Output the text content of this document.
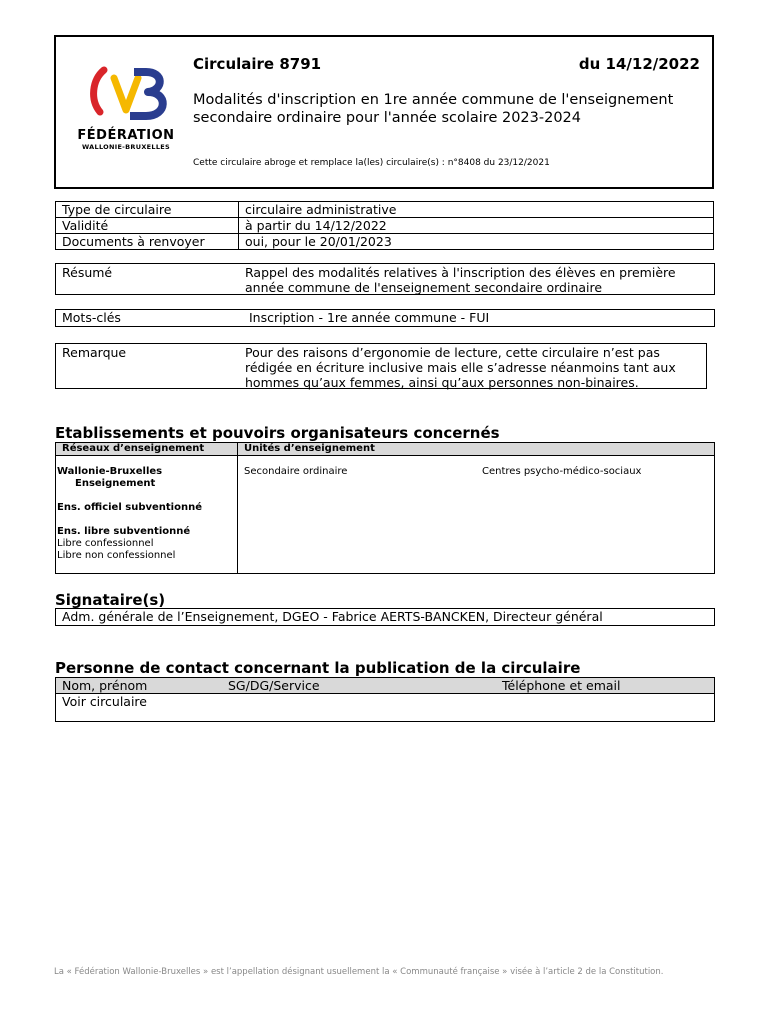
FÉDÉRATION
WALLONIE-BRUXELLES
Circulaire 8791	du 14/12/2022
Modalités d'inscription en 1re année commune de l'enseignement
secondaire ordinaire pour l'année scolaire 2023-2024
Cette circulaire abroge et remplace la(les) circulaire(s) : n°8408 du 23/12/2021
Type de circulaire	circulaire administrative
Validité	à partir du 14/12/2022
Documents à renvoyer	oui, pour le 20/01/2023
Résumé	Rappel des modalités relatives à l'inscription des élèves en première
année commune de l'enseignement secondaire ordinaire
Mots-clés	Inscription - 1re année commune - FUI
Remarque	Pour des raisons d’ergonomie de lecture, cette circulaire n’est pas
rédigée en écriture inclusive mais elle s’adresse néanmoins tant aux
hommes qu’aux femmes, ainsi qu’aux personnes non-binaires.
Etablissements et pouvoirs organisateurs concernés
Réseaux d’enseignement	Unités d’enseignement
Wallonie-Bruxelles
Enseignement
Ens. officiel subventionné
Ens. libre subventionné
Libre confessionnel
Libre non confessionnel
Secondaire ordinaire	Centres psycho-médico-sociaux
Signataire(s)
Adm. générale de l’Enseignement, DGEO - Fabrice AERTS-BANCKEN, Directeur général
Personne de contact concernant la publication de la circulaire
Nom, prénom	SG/DG/Service	Téléphone et email
Voir circulaire
La « Fédération Wallonie-Bruxelles » est l’appellation désignant usuellement la « Communauté française » visée à l’article 2 de la Constitution.
